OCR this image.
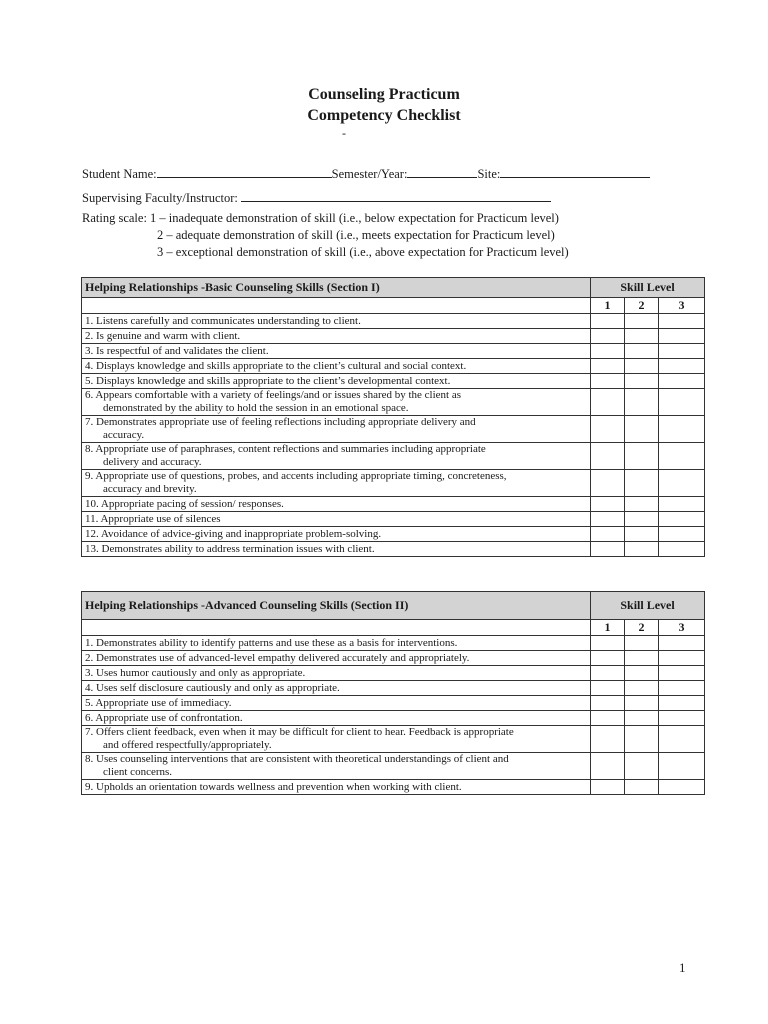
Counseling Practicum
Competency Checklist
-
Student Name:	Semester/Year:	Site:
Supervising Faculty/Instructor:
Rating scale: 1 – inadequate demonstration of skill (i.e., below expectation for Practicum level)
2 – adequate demonstration of skill (i.e., meets expectation for Practicum level)
3 – exceptional demonstration of skill (i.e., above expectation for Practicum level)
Helping Relationships -Basic Counseling Skills (Section I)	Skill Level		
	1	2	3
1. Listens carefully and communicates understanding to client.			
2. Is genuine and warm with client.			
3. Is respectful of and validates the client.			
4. Displays knowledge and skills appropriate to the client’s cultural and social context.			
5. Displays knowledge and skills appropriate to the client’s developmental context.			
6. Appears comfortable with a variety of feelings/and or issues shared by the client as
demonstrated by the ability to hold the session in an emotional space.			

7. Demonstrates appropriate use of feeling reflections including appropriate delivery and
accuracy.			

8. Appropriate use of paraphrases, content reflections and summaries including appropriate
delivery and accuracy.			

9. Appropriate use of questions, probes, and accents including appropriate timing, concreteness,
accuracy and brevity.			

10. Appropriate pacing of session/ responses.			
11. Appropriate use of silences			
12. Avoidance of advice-giving and inappropriate problem-solving.			
13. Demonstrates ability to address termination issues with client.			
Helping Relationships -Advanced Counseling Skills (Section II)	Skill Level		
	1	2	3
1. Demonstrates ability to identify patterns and use these as a basis for interventions.			
2. Demonstrates use of advanced-level empathy delivered accurately and appropriately.			
3. Uses humor cautiously and only as appropriate.			
4. Uses self disclosure cautiously and only as appropriate.			
5. Appropriate use of immediacy.			
6. Appropriate use of confrontation.			
7. Offers client feedback, even when it may be difficult for client to hear. Feedback is appropriate
and offered respectfully/appropriately.			

8. Uses counseling interventions that are consistent with theoretical understandings of client and
client concerns.			

9. Upholds an orientation towards wellness and prevention when working with client.			
1
